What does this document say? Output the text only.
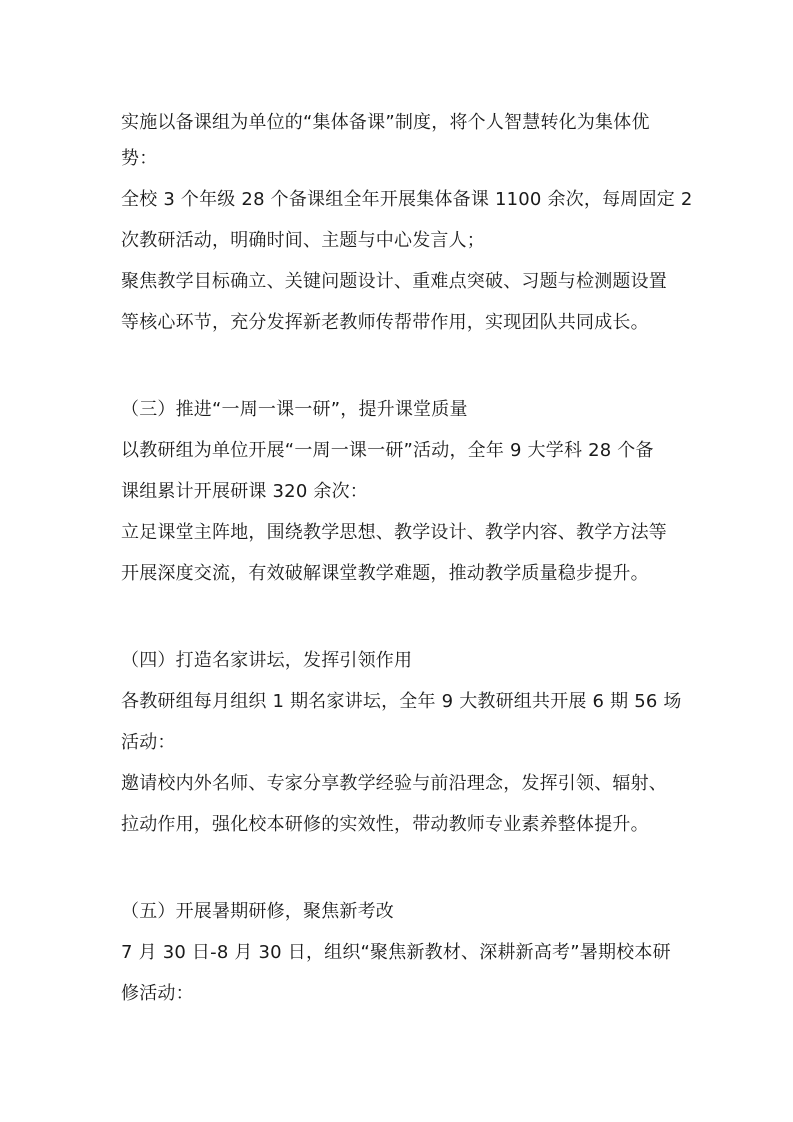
实施以备课组为单位的“集体备课”制度，将个人智慧转化为集体优
势：
全校 3 个年级 28 个备课组全年开展集体备课 1100 余次，每周固定 2
次教研活动，明确时间、主题与中心发言人；
聚焦教学目标确立、关键问题设计、重难点突破、习题与检测题设置
等核心环节，充分发挥新老教师传帮带作用，实现团队共同成长。
（三）推进“一周一课一研”，提升课堂质量
以教研组为单位开展“一周一课一研”活动，全年 9 大学科 28 个备
课组累计开展研课 320 余次：
立足课堂主阵地，围绕教学思想、教学设计、教学内容、教学方法等
开展深度交流，有效破解课堂教学难题，推动教学质量稳步提升。
（四）打造名家讲坛，发挥引领作用
各教研组每月组织 1 期名家讲坛，全年 9 大教研组共开展 6 期 56 场
活动：
邀请校内外名师、专家分享教学经验与前沿理念，发挥引领、辐射、
拉动作用，强化校本研修的实效性，带动教师专业素养整体提升。
（五）开展暑期研修，聚焦新考改
7 月 30 日-8 月 30 日，组织“聚焦新教材、深耕新高考”暑期校本研
修活动：
